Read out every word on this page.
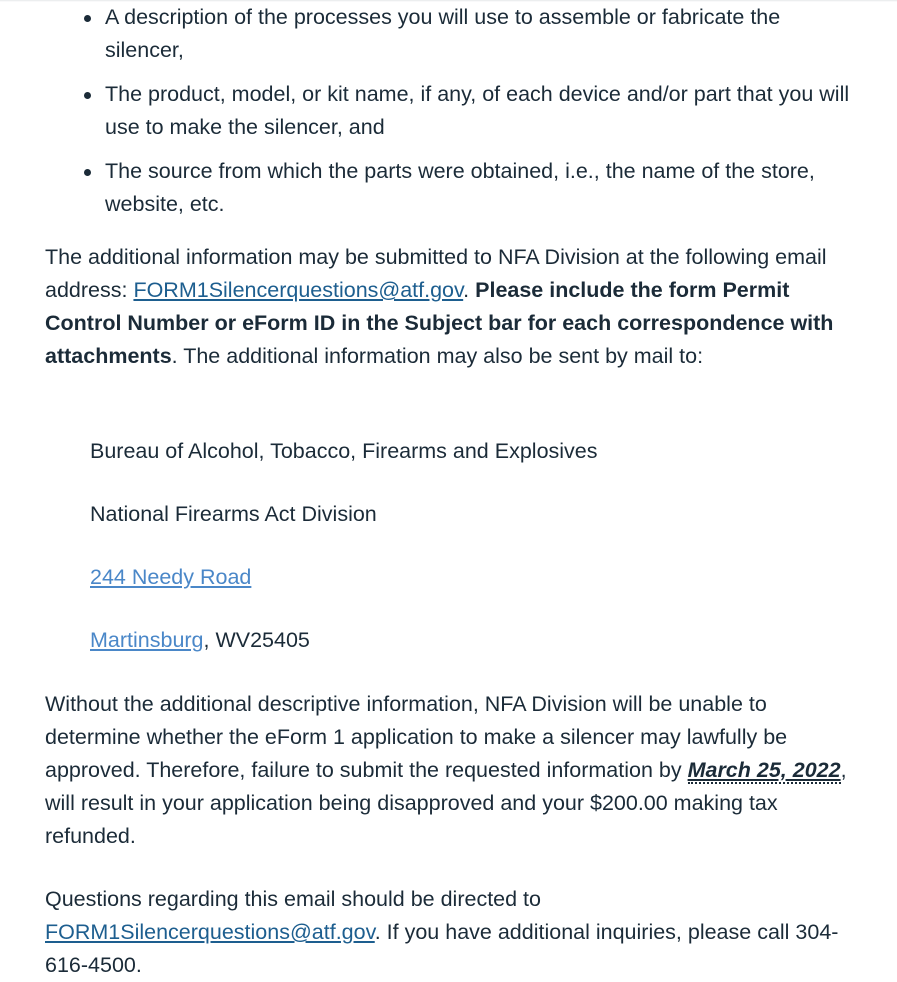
A description of the processes you will use to assemble or fabricate the silencer,
The product, model, or kit name, if any, of each device and/or part that you will use to make the silencer, and
The source from which the parts were obtained, i.e., the name of the store, website, etc.

The additional information may be submitted to NFA Division at the following email address: FORM1Silencerquestions@atf.gov. Please include the form Permit Control Number or eForm ID in the Subject bar for each correspondence with attachments. The additional information may also be sent by mail to:

Bureau of Alcohol, Tobacco, Firearms and Explosives

National Firearms Act Division

244 Needy Road

Martinsburg, WV25405

Without the additional descriptive information, NFA Division will be unable to determine whether the eForm 1 application to make a silencer may lawfully be approved. Therefore, failure to submit the requested information by March 25, 2022, will result in your application being disapproved and your $200.00 making tax refunded.

Questions regarding this email should be directed to FORM1Silencerquestions@atf.gov. If you have additional inquiries, please call 304-616-4500.
